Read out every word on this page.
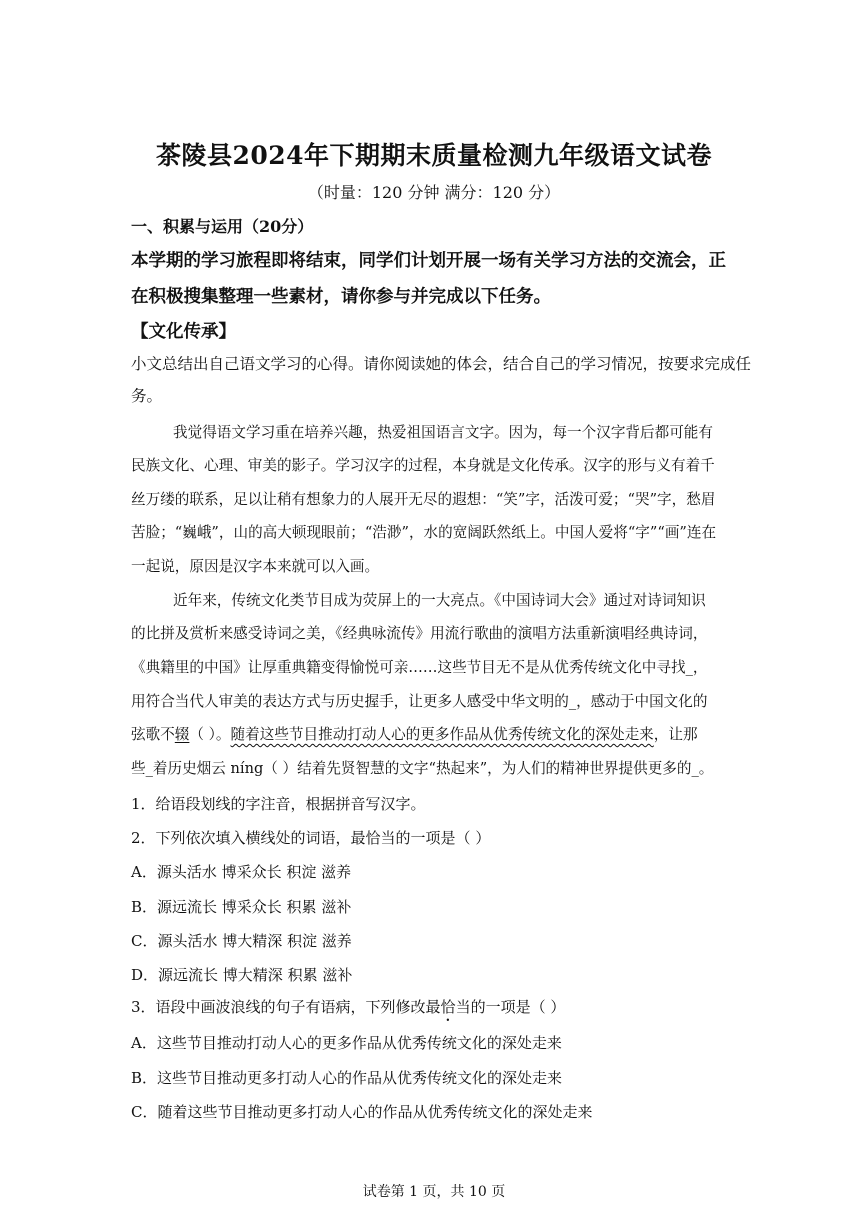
茶陵县2024年下期期末质量检测九年级语文试卷
（时量：120 分钟 满分：120 分）
一、积累与运用（20分）
本学期的学习旅程即将结束，同学们计划开展一场有关学习方法的交流会，正
在积极搜集整理一些素材，请你参与并完成以下任务。
【文化传承】
小文总结出自己语文学习的心得。请你阅读她的体会，结合自己的学习情况，按要求完成任
务。
我觉得语文学习重在培养兴趣，热爱祖国语言文字。因为，每一个汉字背后都可能有
民族文化、心理、审美的影子。学习汉字的过程，本身就是文化传承。汉字的形与义有着千
丝万缕的联系，足以让稍有想象力的人展开无尽的遐想：“笑”字，活泼可爱；“哭”字，愁眉
苦脸；“巍峨”，山的高大顿现眼前；“浩渺”，水的宽阔跃然纸上。中国人爱将“字”“画”连在
一起说，原因是汉字本来就可以入画。
近年来，传统文化类节目成为荧屏上的一大亮点。《中国诗词大会》通过对诗词知识
的比拼及赏析来感受诗词之美，《经典咏流传》用流行歌曲的演唱方法重新演唱经典诗词，
《典籍里的中国》让厚重典籍变得愉悦可亲……这些节目无不是从优秀传统文化中寻找_，
用符合当代人审美的表达方式与历史握手，让更多人感受中华文明的_，感动于中国文化的
弦歌不辍（ ）。随着这些节目推动打动人心的更多作品从优秀传统文化的深处走来，让那
些_着历史烟云 níng（ ）结着先贤智慧的文字“热起来”，为人们的精神世界提供更多的_。
1．给语段划线的字注音，根据拼音写汉字。
2．下列依次填入横线处的词语，最恰当的一项是（ ）
A．源头活水 博采众长 积淀 滋养
B．源远流长 博采众长 积累 滋补
C．源头活水 博大精深 积淀 滋养
D．源远流长 博大精深 积累 滋补
3．语段中画波浪线的句子有语病，下列修改最恰当的一项是（ ）
A．这些节目推动打动人心的更多作品从优秀传统文化的深处走来
B．这些节目推动更多打动人心的作品从优秀传统文化的深处走来
C．随着这些节目推动更多打动人心的作品从优秀传统文化的深处走来
试卷第 1 页，共 10 页
